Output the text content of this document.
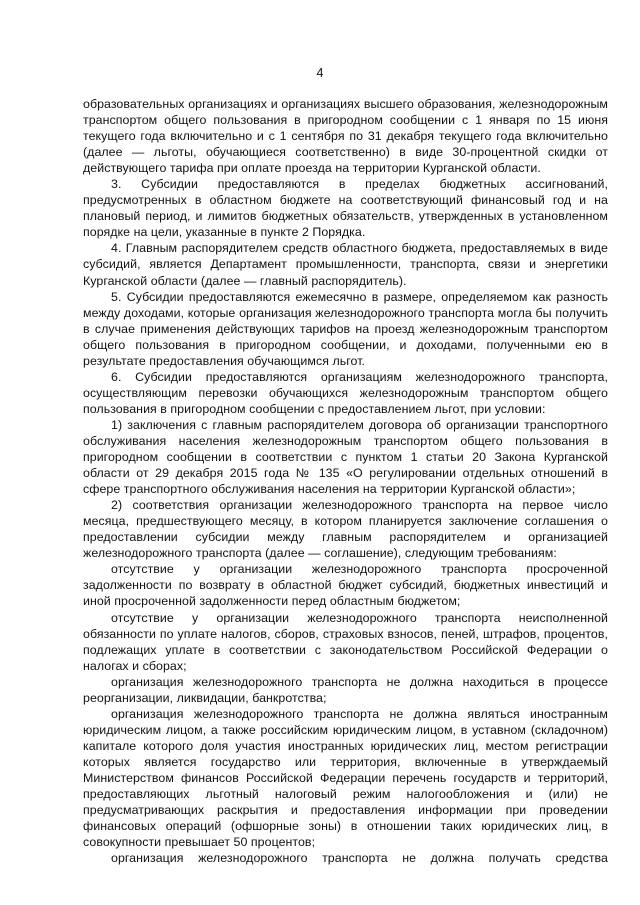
4

образовательных организациях и организациях высшего образования, железнодорожным транспортом общего пользования в пригородном сообщении с 1 января по 15 июня текущего года включительно и с 1 сентября по 31 декабря текущего года включительно (далее — льготы, обучающиеся соответственно) в виде 30-процентной скидки от действующего тарифа при оплате проезда на территории Курганской области.

3. Субсидии предоставляются в пределах бюджетных ассигнований, предусмотренных в областном бюджете на соответствующий финансовый год и на плановый период, и лимитов бюджетных обязательств, утвержденных в установленном порядке на цели, указанные в пункте 2 Порядка.

4. Главным распорядителем средств областного бюджета, предоставляемых в виде субсидий, является Департамент промышленности, транспорта, связи и энергетики Курганской области (далее — главный распорядитель).

5. Субсидии предоставляются ежемесячно в размере, определяемом как разность между доходами, которые организация железнодорожного транспорта могла бы получить в случае применения действующих тарифов на проезд железнодорожным транспортом общего пользования в пригородном сообщении, и доходами, полученными ею в результате предоставления обучающимся льгот.

6. Субсидии предоставляются организациям железнодорожного транспорта, осуществляющим перевозки обучающихся железнодорожным транспортом общего пользования в пригородном сообщении с предоставлением льгот, при условии:

1) заключения с главным распорядителем договора об организации транспортного обслуживания населения железнодорожным транспортом общего пользования в пригородном сообщении в соответствии с пунктом 1 статьи 20 Закона Курганской области от 29 декабря 2015 года № 135 «О регулировании отдельных отношений в сфере транспортного обслуживания населения на территории Курганской области»;

2) соответствия организации железнодорожного транспорта на первое число месяца, предшествующего месяцу, в котором планируется заключение соглашения о предоставлении субсидии между главным распорядителем и организацией железнодорожного транспорта (далее — соглашение), следующим требованиям:

отсутствие у организации железнодорожного транспорта просроченной задолженности по возврату в областной бюджет субсидий, бюджетных инвестиций и иной просроченной задолженности перед областным бюджетом;

отсутствие у организации железнодорожного транспорта неисполненной обязанности по уплате налогов, сборов, страховых взносов, пеней, штрафов, процентов, подлежащих уплате в соответствии с законодательством Российской Федерации о налогах и сборах;

организация железнодорожного транспорта не должна находиться в процессе реорганизации, ликвидации, банкротства;

организация железнодорожного транспорта не должна являться иностранным юридическим лицом, а также российским юридическим лицом, в уставном (складочном) капитале которого доля участия иностранных юридических лиц, местом регистрации которых является государство или территория, включенные в утверждаемый Министерством финансов Российской Федерации перечень государств и территорий, предоставляющих льготный налоговый режим налогообложения и (или) не предусматривающих раскрытия и предоставления информации при проведении финансовых операций (офшорные зоны) в отношении таких юридических лиц, в совокупности превышает 50 процентов;

организация железнодорожного транспорта не должна получать средства
